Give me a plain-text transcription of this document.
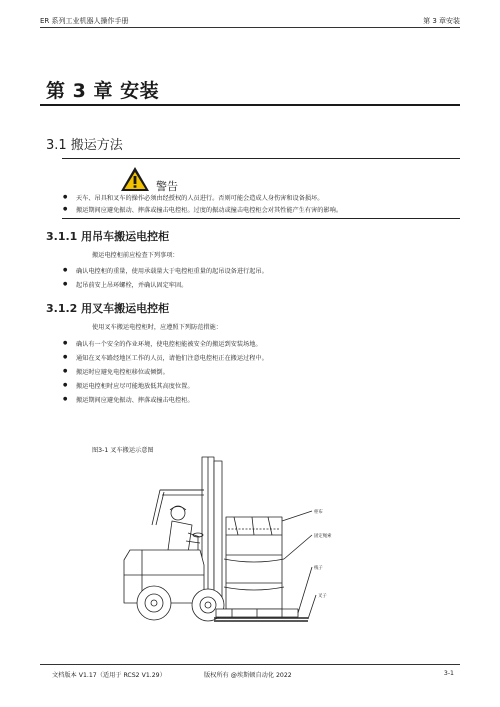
ER 系列工业机器人操作手册	第 3 章安装
第 3 章 安装
3.1 搬运方法
警告
● 天车、吊具和叉车的操作必须由经授权的人员进行。否则可能会造成人身伤害和设备损坏。
● 搬运期间应避免振动、摔落或撞击电控柜。过度的振动或撞击电控柜会对其性能产生有害的影响。
3.1.1 用吊车搬运电控柜
搬运电控柜前应检查下列事项：
● 确认电控柜的重量，使用承载量大于电控柜重量的起吊设备进行起吊。
● 起吊前安上吊环螺栓，并确认固定牢固。
3.1.2 用叉车搬运电控柜
使用叉车搬运电控柜时，应遵照下列防范措施：
● 确认有一个安全的作业环境，使电控柜能被安全的搬运到安装场地。
● 通知在叉车路经地区工作的人员，请他们注意电控柜正在搬运过程中。
● 搬运时应避免电控柜移位或倾倒。
● 搬运电控柜时应尽可能地放低其高度位置。
● 搬运期间应避免振动、摔落或撞击电控柜。
图3-1 叉车搬运示意图
柜布
固定绳索
栈子
叉子
文档版本 V1.17（适用于 RCS2 V1.29）	版权所有 @埃斯顿自动化 2022	3-1
